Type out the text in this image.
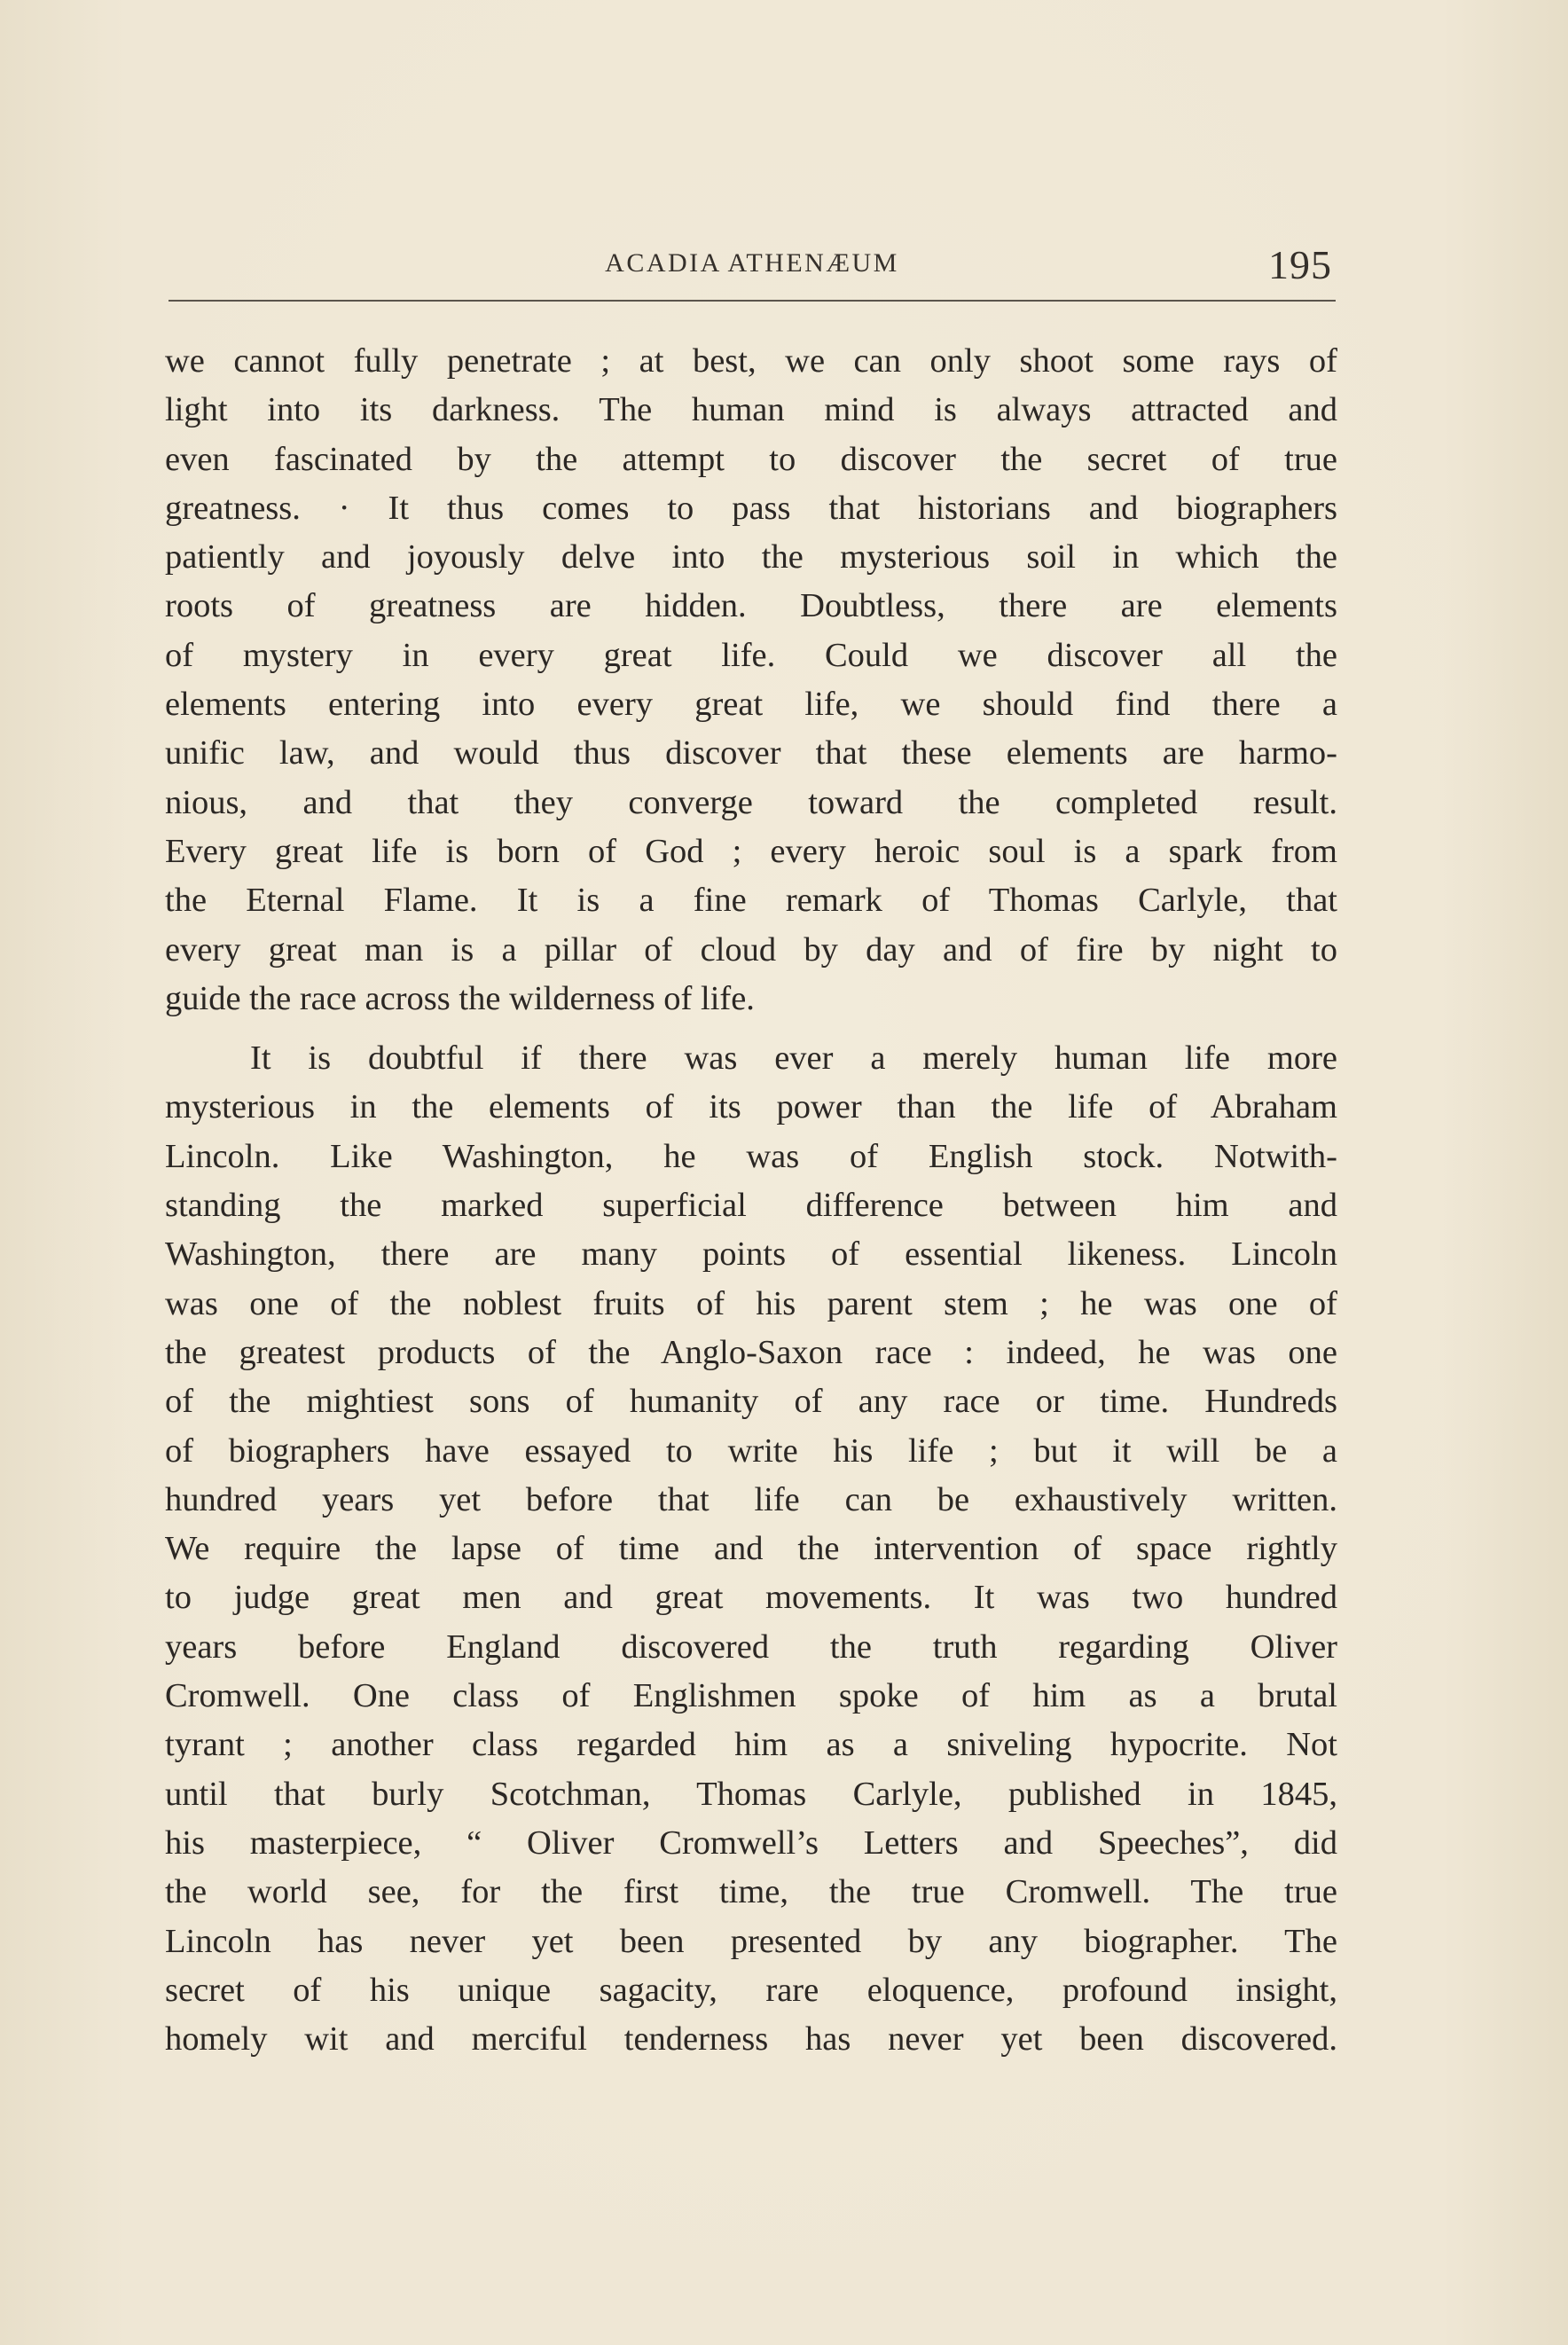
ACADIA ATHENÆUM	195
we cannot fully penetrate ; at best, we can only shoot some rays of
light into its darkness. The human mind is always attracted and
even fascinated by the attempt to discover the secret of true
greatness. · It thus comes to pass that historians and biographers
patiently and joyously delve into the mysterious soil in which the
roots of greatness are hidden. Doubtless, there are elements
of mystery in every great life. Could we discover all the
elements entering into every great life, we should find there a
unific law, and would thus discover that these elements are harmo-
nious, and that they converge toward the completed result.
Every great life is born of God ; every heroic soul is a spark from
the Eternal Flame. It is a fine remark of Thomas Carlyle, that
every great man is a pillar of cloud by day and of fire by night to
guide the race across the wilderness of life.
It is doubtful if there was ever a merely human life more
mysterious in the elements of its power than the life of Abraham
Lincoln. Like Washington, he was of English stock. Notwith-
standing the marked superficial difference between him and
Washington, there are many points of essential likeness. Lincoln
was one of the noblest fruits of his parent stem ; he was one of
the greatest products of the Anglo-Saxon race : indeed, he was one
of the mightiest sons of humanity of any race or time. Hundreds
of biographers have essayed to write his life ; but it will be a
hundred years yet before that life can be exhaustively written.
We require the lapse of time and the intervention of space rightly
to judge great men and great movements. It was two hundred
years before England discovered the truth regarding Oliver
Cromwell. One class of Englishmen spoke of him as a brutal
tyrant ; another class regarded him as a sniveling hypocrite. Not
until that burly Scotchman, Thomas Carlyle, published in 1845,
his masterpiece, “ Oliver Cromwell’s Letters and Speeches”, did
the world see, for the first time, the true Cromwell. The true
Lincoln has never yet been presented by any biographer. The
secret of his unique sagacity, rare eloquence, profound insight,
homely wit and merciful tenderness has never yet been discovered.
